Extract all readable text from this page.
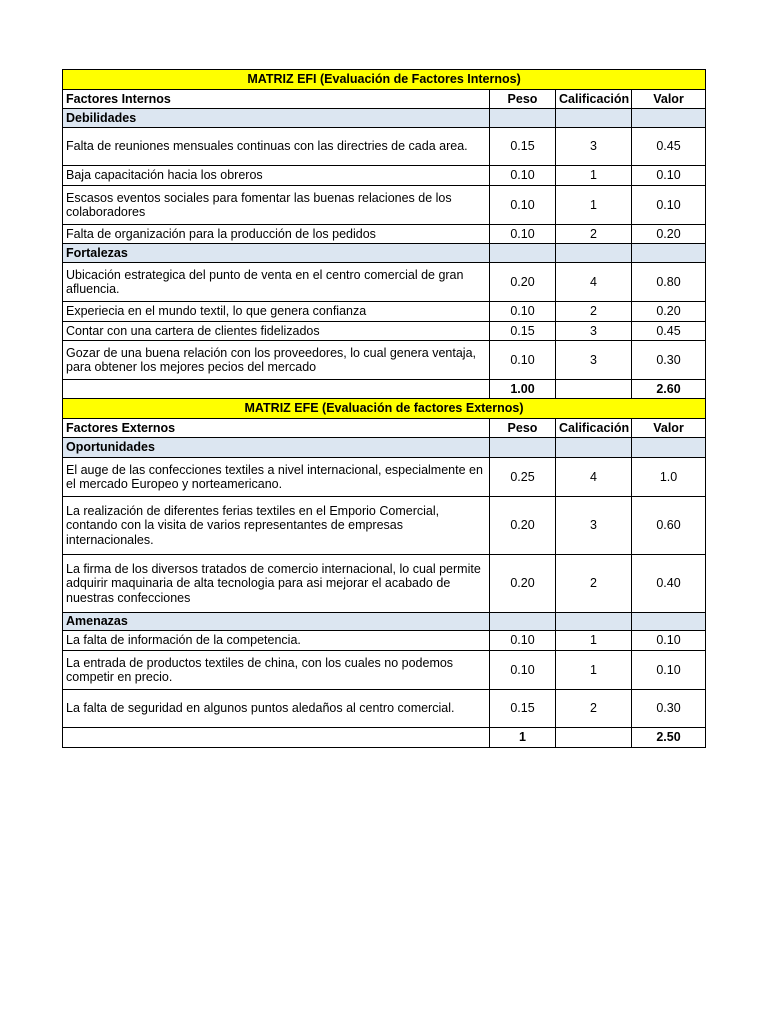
MATRIZ EFI (Evaluación de Factores Internos)			
Factores Internos	Peso	Calificación	Valor
Debilidades			
Falta de reuniones mensuales continuas con las directries de cada area.	0.15	3	0.45
Baja capacitación hacia los obreros	0.10	1	0.10
Escasos eventos sociales para fomentar las buenas relaciones de los colaboradores	0.10	1	0.10
Falta de organización para la producción de los pedidos	0.10	2	0.20
Fortalezas			
Ubicación estrategica del punto de venta en el centro comercial de gran afluencia.	0.20	4	0.80
Experiecia en el mundo textil, lo que genera confianza	0.10	2	0.20
Contar con una cartera de clientes fidelizados	0.15	3	0.45
Gozar de una buena relación con los proveedores, lo cual genera ventaja, para obtener los mejores pecios del mercado	0.10	3	0.30
	1.00		2.60
MATRIZ EFE (Evaluación de factores Externos)			
Factores Externos	Peso	Calificación	Valor
Oportunidades			
El auge de las confecciones textiles a nivel internacional, especialmente en el mercado Europeo y norteamericano.	0.25	4	1.0
La realización de diferentes ferias textiles en el Emporio Comercial, contando con la visita de varios representantes de empresas internacionales.	0.20	3	0.60
La firma de los diversos tratados de comercio internacional, lo cual permite adquirir maquinaria de alta tecnologia para asi mejorar el acabado de nuestras confecciones	0.20	2	0.40
Amenazas			
La falta de información de la competencia.	0.10	1	0.10
La entrada de productos textiles de china, con los cuales no podemos competir en precio.	0.10	1	0.10
La falta de seguridad en algunos puntos aledaños al centro comercial.	0.15	2	0.30
	1		2.50
